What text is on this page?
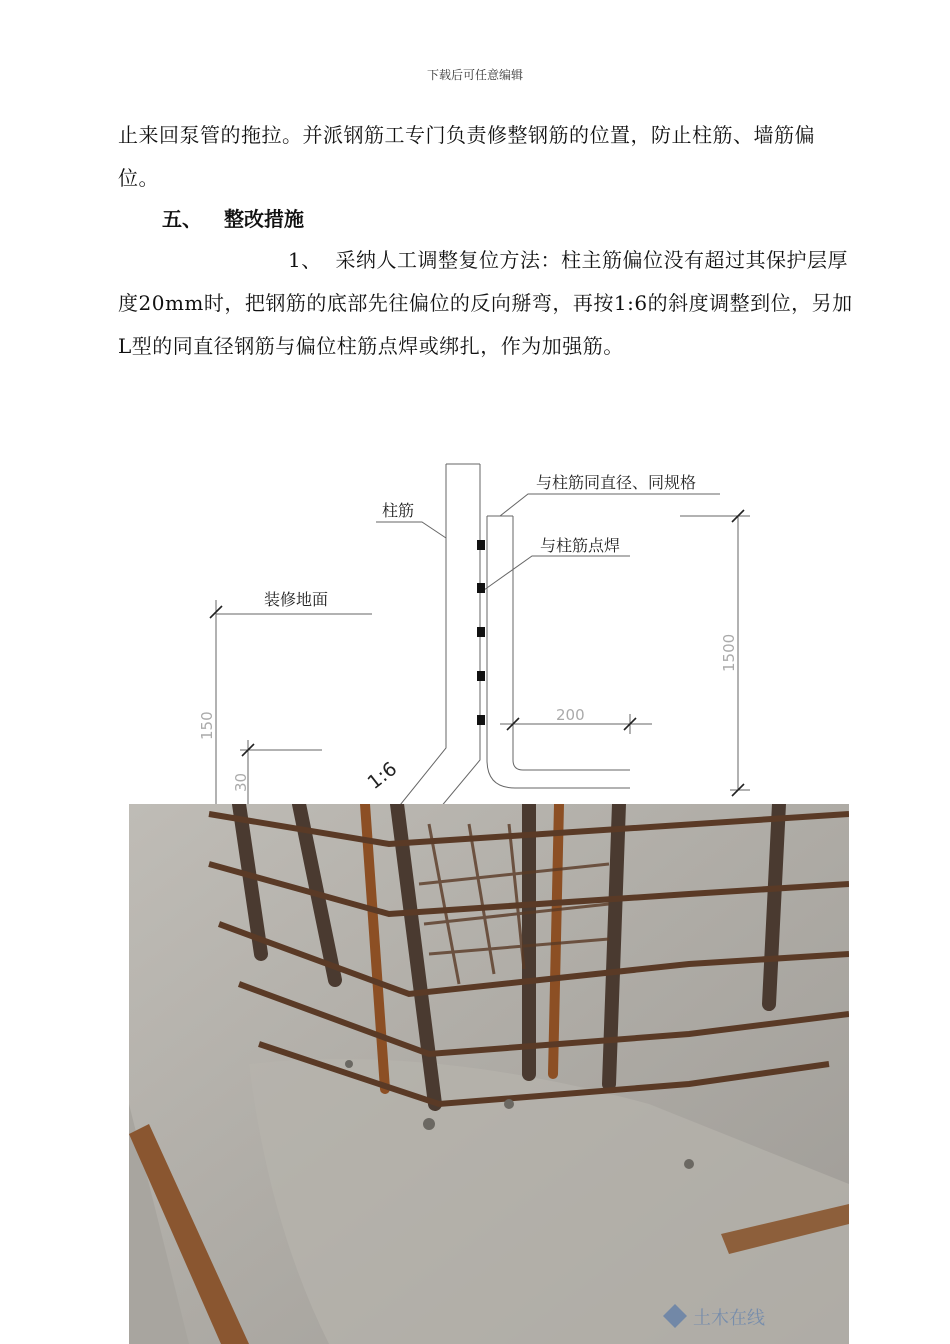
下载后可任意编辑
止来回泵管的拖拉。并派钢筋工专门负责修整钢筋的位置，防止柱筋、墙筋偏位。
五、 整改措施
1、 采纳人工调整复位方法：柱主筋偏位没有超过其保护层厚度20mm时，把钢筋的底部先往偏位的反向掰弯，再按1:6的斜度调整到位，另加L型的同直径钢筋与偏位柱筋点焊或绑扎，作为加强筋。
柱筋
与柱筋同直径、同规格
与柱筋点焊
装修地面
1:6
1500
200
150
30
土木在线
